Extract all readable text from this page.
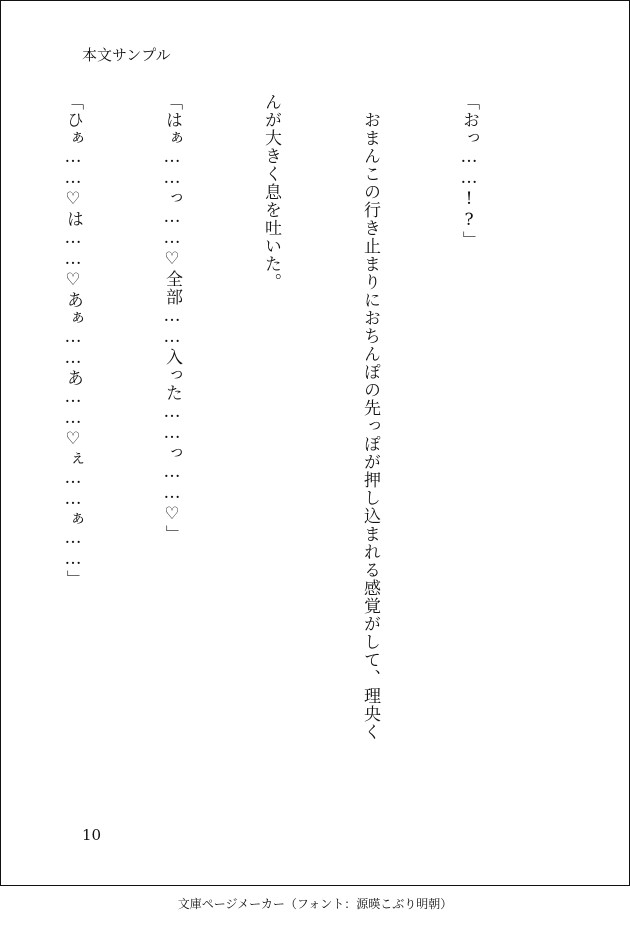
本文サンプル

「おっ……!?」

　おまんこの行き止まりにおちんぽの先っぽが押し込まれる感覚がして、理央く

んが大きく息を吐いた。

「はぁ……っ……♡全部……入った……っ……♡」

「ひぁ……♡は……♡あぁ……あ……♡ぇ……ぁ……」

10
文庫ページメーカー（フォント：源暎こぶり明朝）
